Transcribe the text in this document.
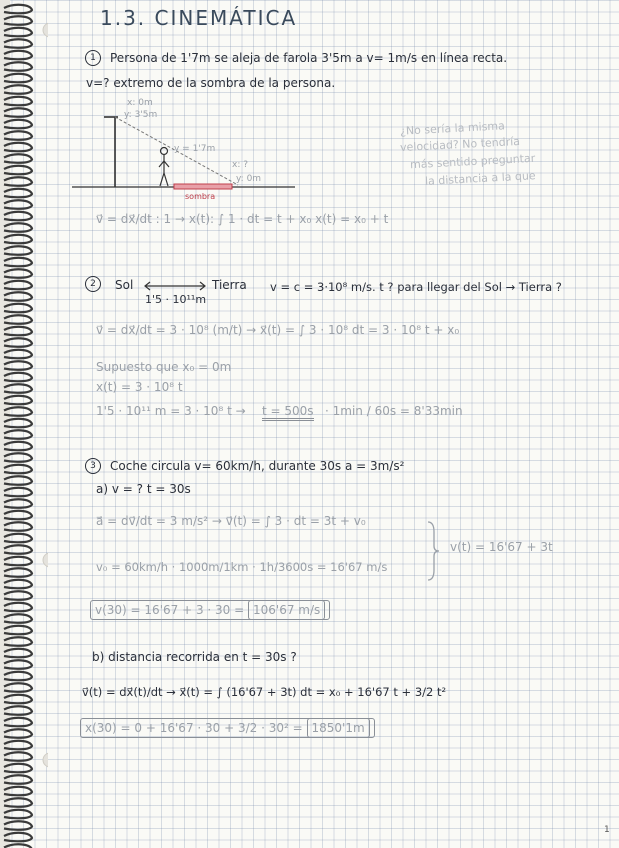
1.3. CINEMÁTICA
1	Persona de 1'7m se aleja de farola 3'5m a v= 1m/s en línea recta.
v=? extremo de la sombra de la persona.
x: 0m
y: 3'5m
y = 1'7m
x: ?
y: 0m
sombra
¿No sería la misma
velocidad? No tendría
más sentido preguntar
la distancia a la que
v⃗ = dx⃗/dt : 1 → x(t): ∫ 1 · dt = t + x₀ x(t) = x₀ + t
2	Sol	Tierra
1'5 · 10¹¹m
v = c = 3·10⁸ m/s. t ? para llegar del Sol → Tierra ?
v⃗ = dx⃗/dt = 3 · 10⁸ (m/t) → x⃗(t) = ∫ 3 · 10⁸ dt = 3 · 10⁸ t + x₀
Supuesto que x₀ = 0m
x(t) = 3 · 10⁸ t
1'5 · 10¹¹ m = 3 · 10⁸ t → t = 500s · 1min / 60s = 8'33min
3	Coche circula v= 60km/h, durante 30s a = 3m/s²
a) v = ? t = 30s
a⃗ = dv⃗/dt = 3 m/s² → v⃗(t) = ∫ 3 · dt = 3t + v₀
v₀ = 60km/h · 1000m/1km · 1h/3600s = 16'67 m/s
v(t) = 16'67 + 3t
v(30) = 16'67 + 3 · 30 = 106'67 m/s
b) distancia recorrida en t = 30s ?
v⃗(t) = dx⃗(t)/dt → x⃗(t) = ∫ (16'67 + 3t) dt = x₀ + 16'67 t + 3/2 t²
x(30) = 0 + 16'67 · 30 + 3/2 · 30² = 1850'1m
1
